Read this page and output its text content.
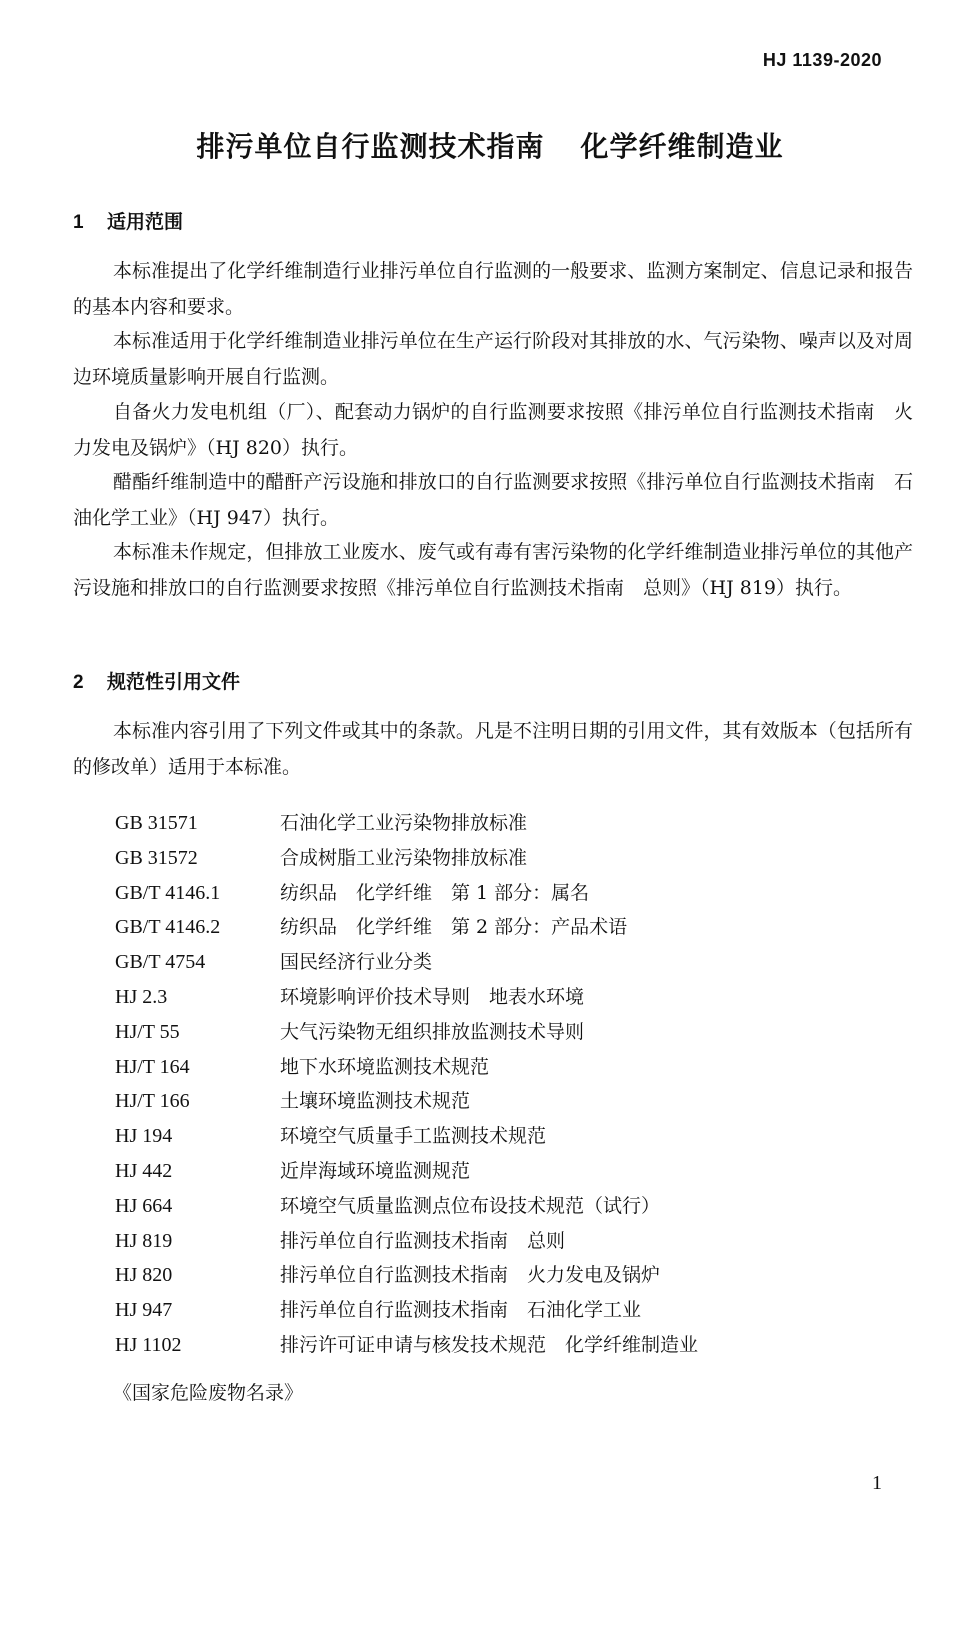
HJ 1139-2020
排污单位自行监测技术指南 化学纤维制造业
1 适用范围
本标准提出了化学纤维制造行业排污单位自行监测的一般要求、监测方案制定、信息记录和报告的基本内容和要求。
本标准适用于化学纤维制造业排污单位在生产运行阶段对其排放的水、气污染物、噪声以及对周边环境质量影响开展自行监测。
自备火力发电机组（厂）、配套动力锅炉的自行监测要求按照《排污单位自行监测技术指南　火力发电及锅炉》（HJ 820）执行。
醋酯纤维制造中的醋酐产污设施和排放口的自行监测要求按照《排污单位自行监测技术指南　石油化学工业》（HJ 947）执行。
本标准未作规定，但排放工业废水、废气或有毒有害污染物的化学纤维制造业排污单位的其他产污设施和排放口的自行监测要求按照《排污单位自行监测技术指南　总则》（HJ 819）执行。
2 规范性引用文件
本标准内容引用了下列文件或其中的条款。凡是不注明日期的引用文件，其有效版本（包括所有的修改单）适用于本标准。
GB 31571	石油化学工业污染物排放标准
GB 31572	合成树脂工业污染物排放标准
GB/T 4146.1	纺织品　化学纤维　第 1 部分：属名
GB/T 4146.2	纺织品　化学纤维　第 2 部分：产品术语
GB/T 4754	国民经济行业分类
HJ 2.3	环境影响评价技术导则　地表水环境
HJ/T 55	大气污染物无组织排放监测技术导则
HJ/T 164	地下水环境监测技术规范
HJ/T 166	土壤环境监测技术规范
HJ 194	环境空气质量手工监测技术规范
HJ 442	近岸海域环境监测规范
HJ 664	环境空气质量监测点位布设技术规范（试行）
HJ 819	排污单位自行监测技术指南　总则
HJ 820	排污单位自行监测技术指南　火力发电及锅炉
HJ 947	排污单位自行监测技术指南　石油化学工业
HJ 1102	排污许可证申请与核发技术规范　化学纤维制造业
《国家危险废物名录》
1
